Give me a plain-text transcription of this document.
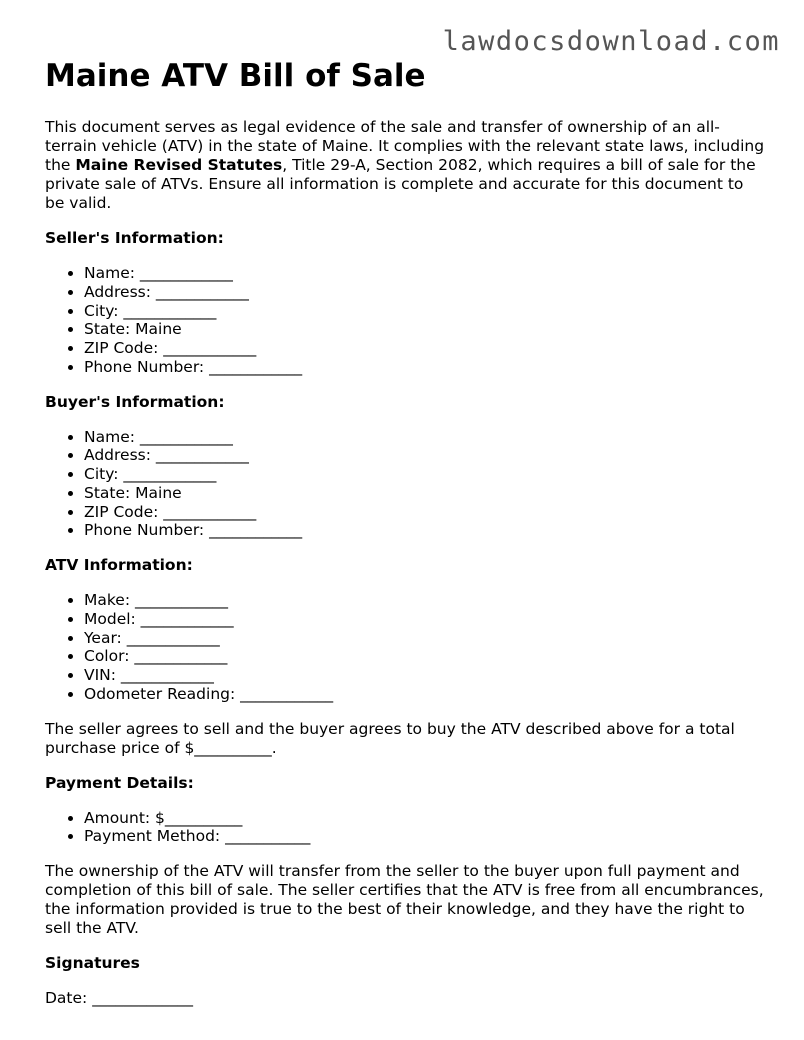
lawdocsdownload.com
Maine ATV Bill of Sale

This document serves as legal evidence of the sale and transfer of ownership of an all-terrain vehicle (ATV) in the state of Maine. It complies with the relevant state laws, including the Maine Revised Statutes, Title 29-A, Section 2082, which requires a bill of sale for the private sale of ATVs. Ensure all information is complete and accurate for this document to be valid.

Seller's Information:
• Name: ____________
• Address: ____________
• City: ____________
• State: Maine
• ZIP Code: ____________
• Phone Number: ____________
Buyer's Information:
• Name: ____________
• Address: ____________
• City: ____________
• State: Maine
• ZIP Code: ____________
• Phone Number: ____________
ATV Information:
• Make: ____________
• Model: ____________
• Year: ____________
• Color: ____________
• VIN: ____________
• Odometer Reading: ____________

The seller agrees to sell and the buyer agrees to buy the ATV described above for a total purchase price of $__________.

Payment Details:
• Amount: $__________
• Payment Method: ___________

The ownership of the ATV will transfer from the seller to the buyer upon full payment and completion of this bill of sale. The seller certifies that the ATV is free from all encumbrances, the information provided is true to the best of their knowledge, and they have the right to sell the ATV.

Signatures

Date: _____________
